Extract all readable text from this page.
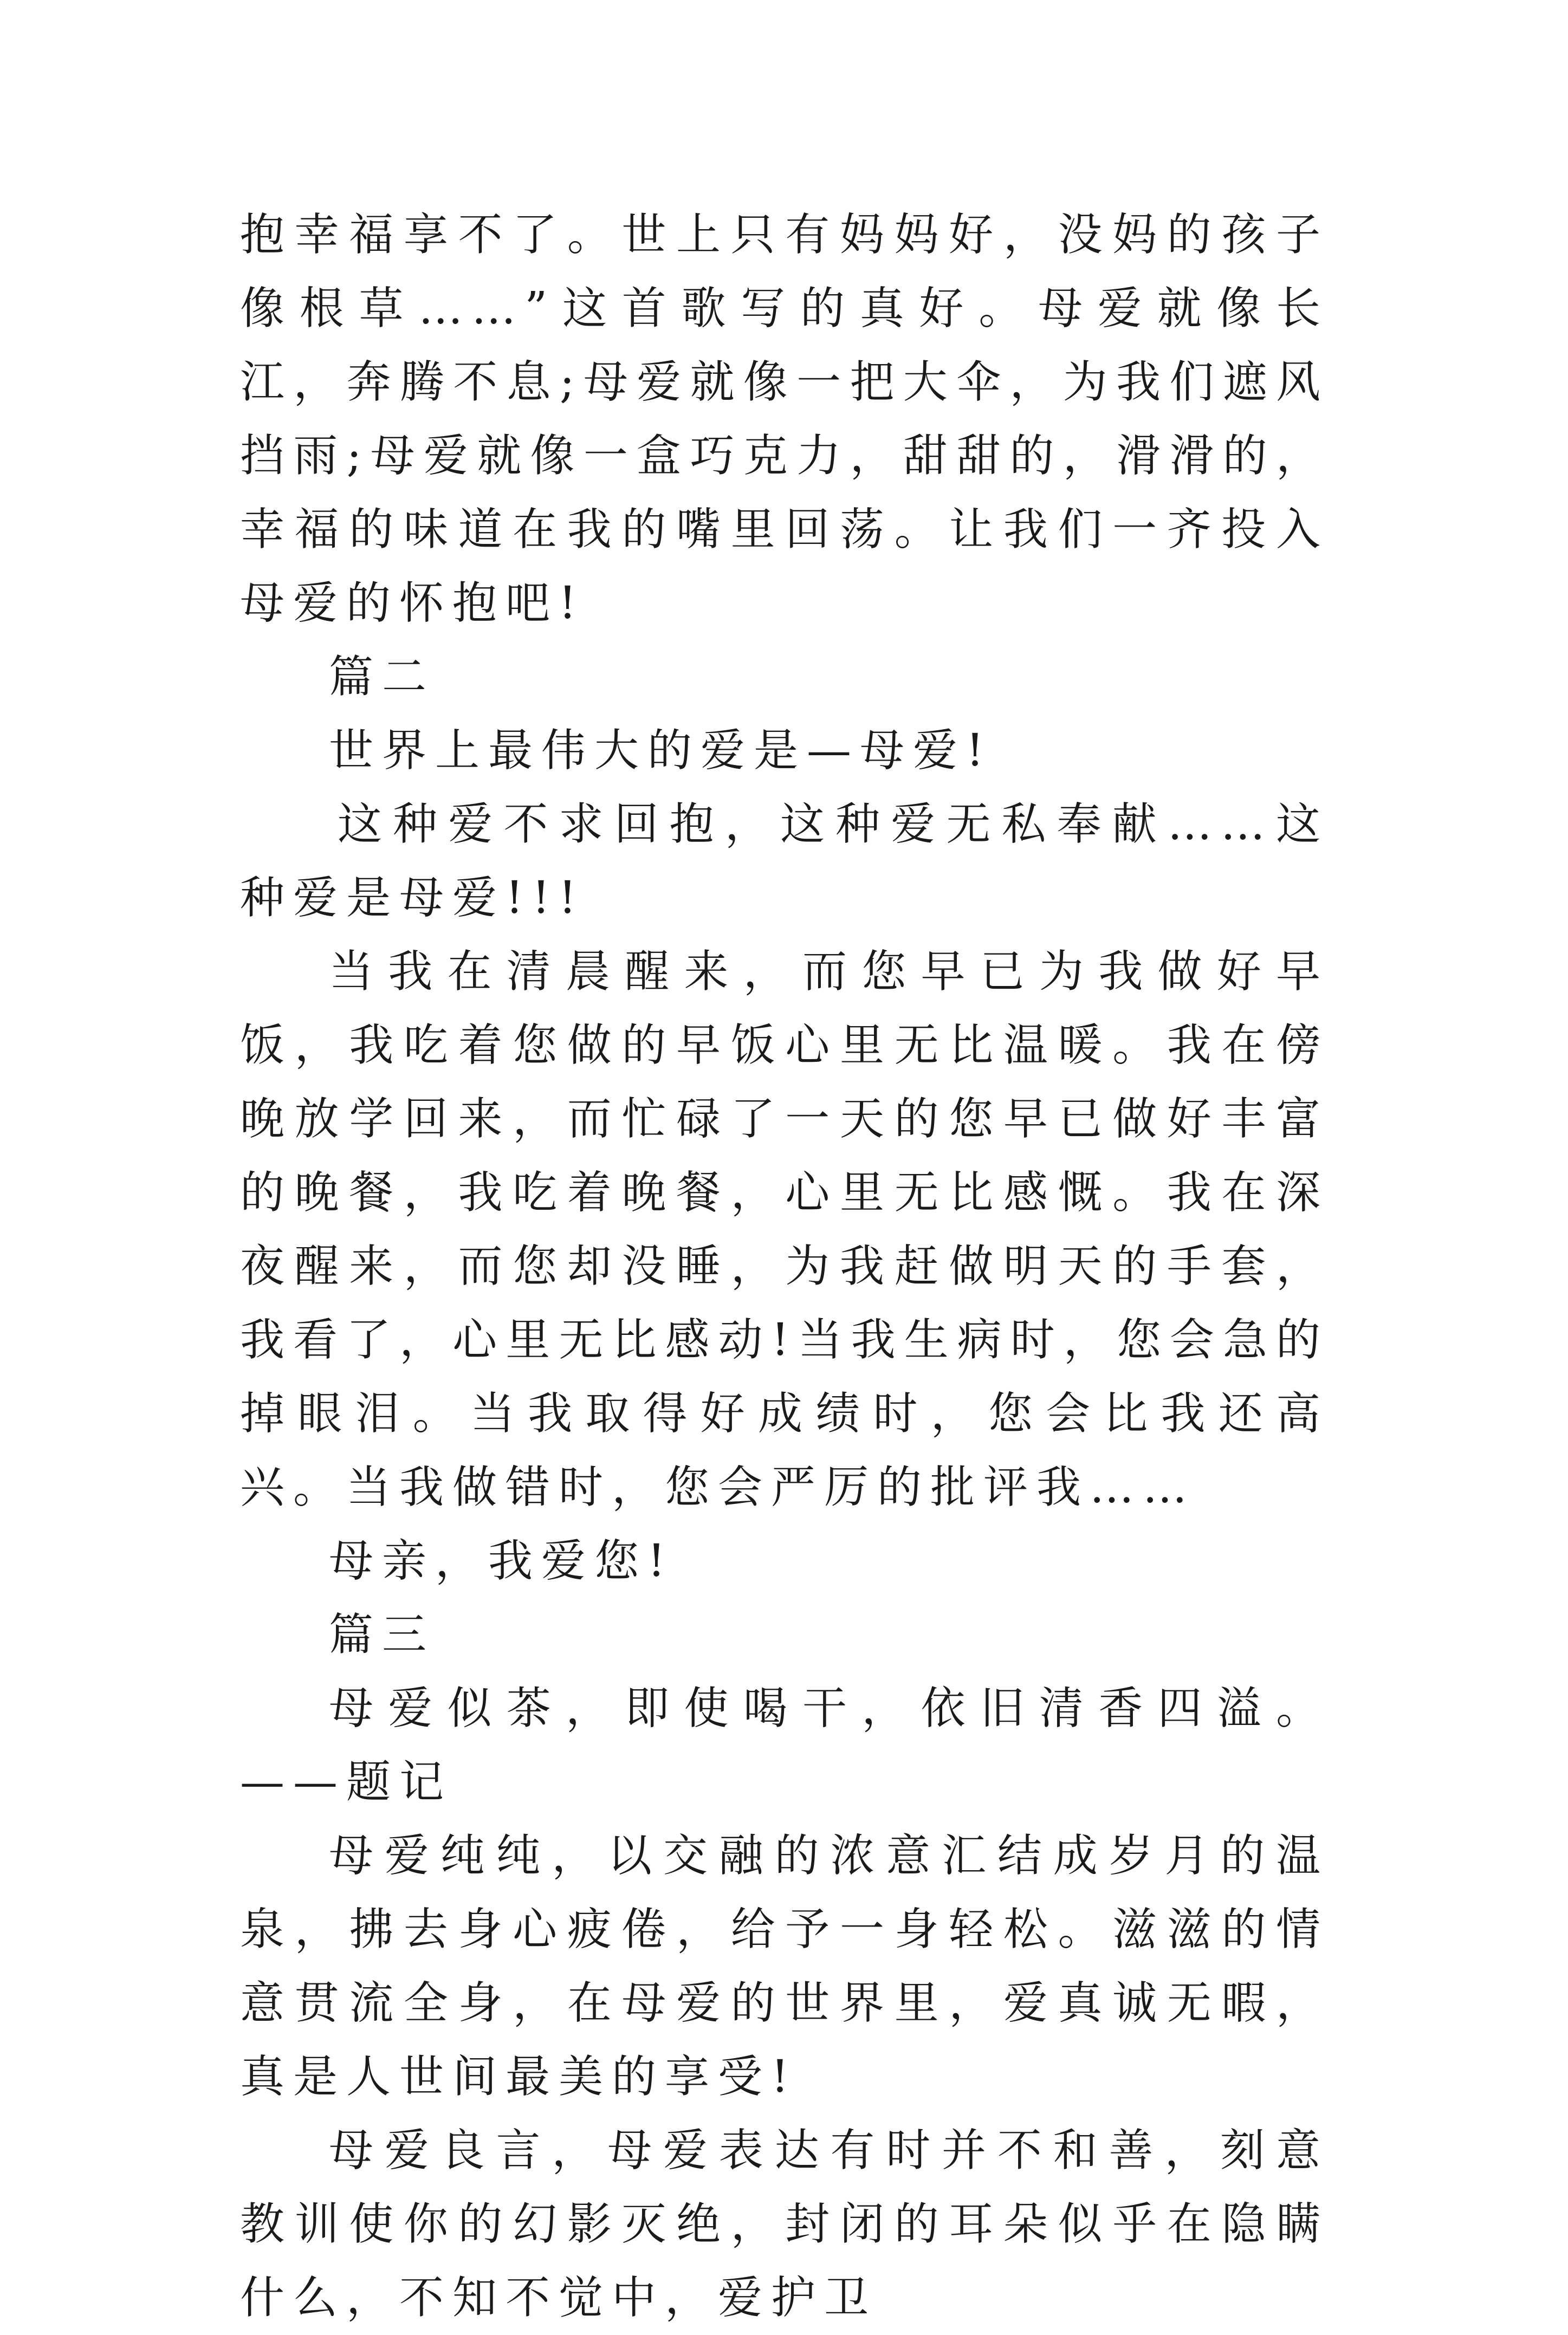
抱幸福享不了。世上只有妈妈好，没妈的孩子像根草……”这首歌写的真好。母爱就像长江，奔腾不息;母爱就像一把大伞，为我们遮风挡雨;母爱就像一盒巧克力，甜甜的，滑滑的，幸福的味道在我的嘴里回荡。让我们一齐投入母爱的怀抱吧!

篇二

世界上最伟大的爱是—母爱!

这种爱不求回抱，这种爱无私奉献……这种爱是母爱!!!

当我在清晨醒来，而您早已为我做好早饭，我吃着您做的早饭心里无比温暖。我在傍晚放学回来，而忙碌了一天的您早已做好丰富的晚餐，我吃着晚餐，心里无比感慨。我在深夜醒来，而您却没睡，为我赶做明天的手套，我看了，心里无比感动!当我生病时，您会急的掉眼泪。当我取得好成绩时，您会比我还高兴。当我做错时，您会严厉的批评我……

母亲，我爱您!

篇三

母爱似茶，即使喝干，依旧清香四溢。——题记

母爱纯纯，以交融的浓意汇结成岁月的温泉，拂去身心疲倦，给予一身轻松。滋滋的情意贯流全身，在母爱的世界里，爱真诚无暇，真是人世间最美的享受!

母爱良言，母爱表达有时并不和善，刻意教训使你的幻影灭绝，封闭的耳朵似乎在隐瞒什么，不知不觉中，爱护卫
